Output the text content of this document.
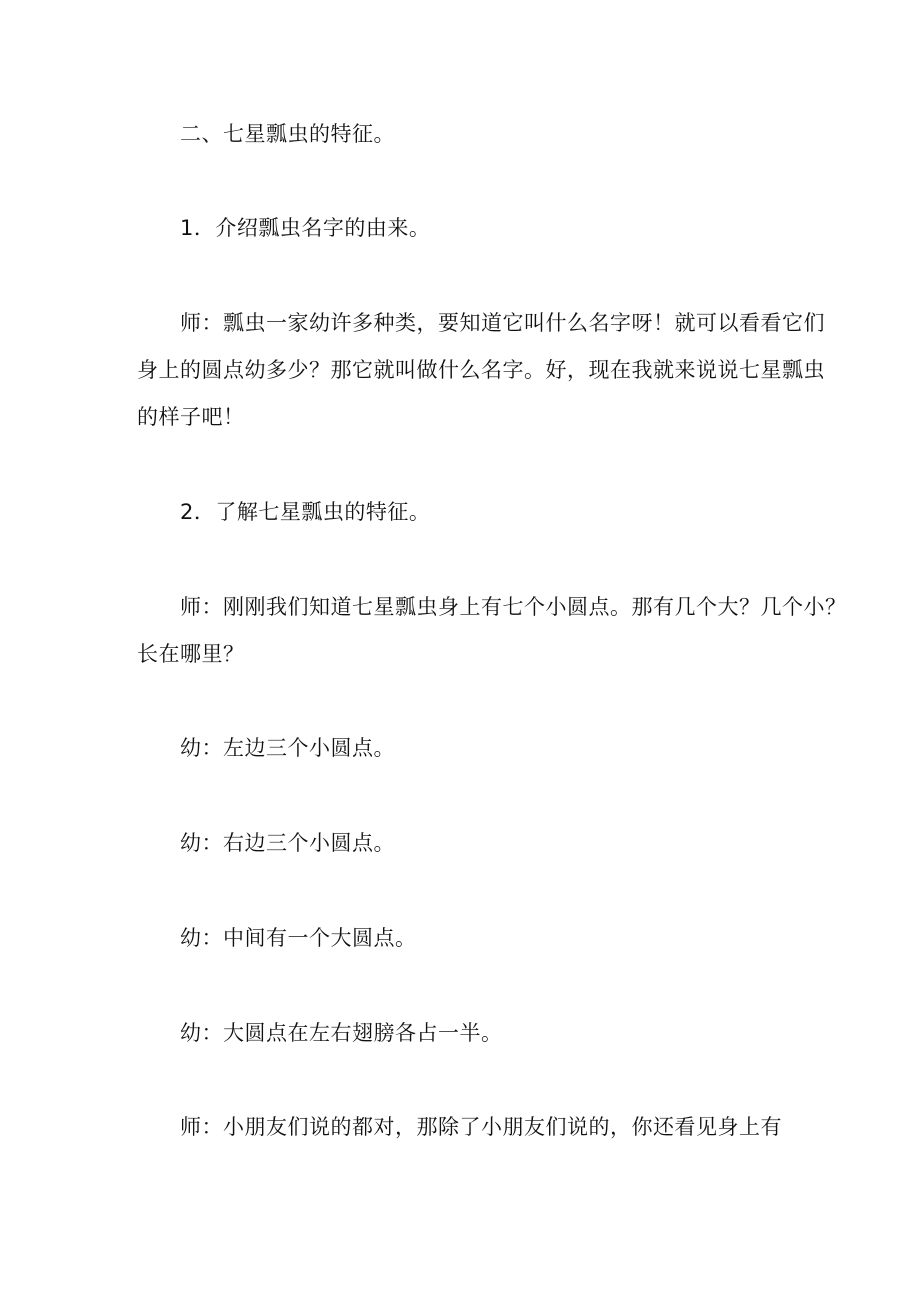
二、七星瓢虫的特征。
1．介绍瓢虫名字的由来。
师：瓢虫一家幼许多种类，要知道它叫什么名字呀！就可以看看它们
身上的圆点幼多少？那它就叫做什么名字。好，现在我就来说说七星瓢虫
的样子吧！
2．了解七星瓢虫的特征。
师：刚刚我们知道七星瓢虫身上有七个小圆点。那有几个大？几个小？
长在哪里？
幼：左边三个小圆点。
幼：右边三个小圆点。
幼：中间有一个大圆点。
幼：大圆点在左右翅膀各占一半。
师：小朋友们说的都对，那除了小朋友们说的，你还看见身上有
